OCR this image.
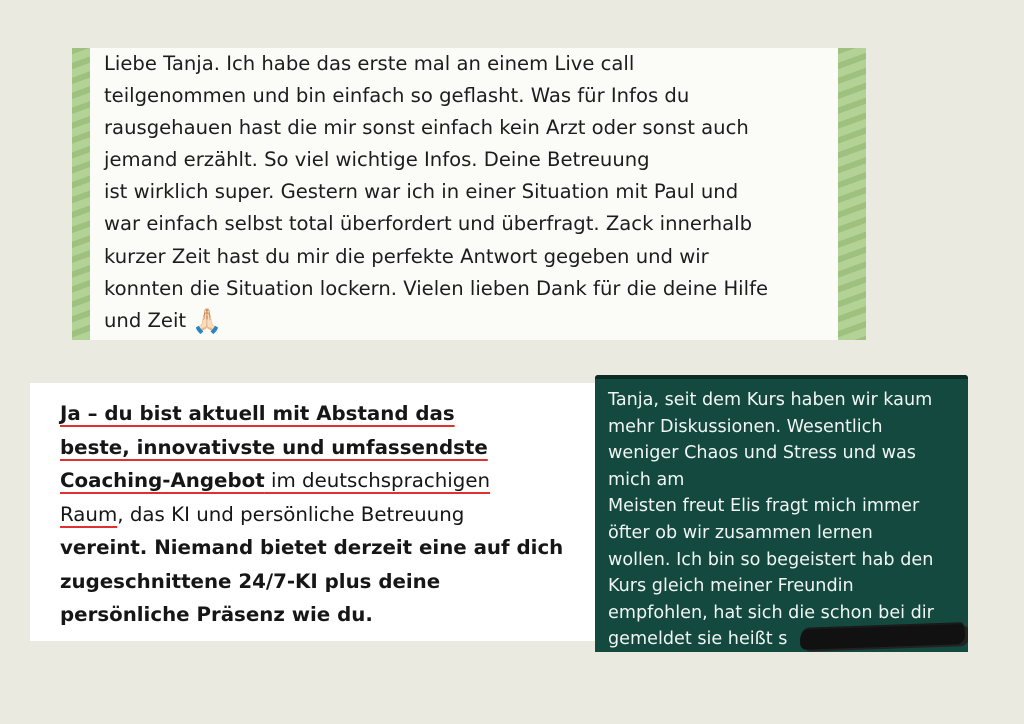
Liebe Tanja. Ich habe das erste mal an einem Live call
teilgenommen und bin einfach so geflasht. Was für Infos du
rausgehauen hast die mir sonst einfach kein Arzt oder sonst auch
jemand erzählt. So viel wichtige Infos. Deine Betreuung
ist wirklich super. Gestern war ich in einer Situation mit Paul und
war einfach selbst total überfordert und überfragt. Zack innerhalb
kurzer Zeit hast du mir die perfekte Antwort gegeben und wir
konnten die Situation lockern. Vielen lieben Dank für die deine Hilfe
und Zeit 🙏🏻
Ja – du bist aktuell mit Abstand das
beste, innovativste und umfassendste
Coaching-Angebot im deutschsprachigen
Raum, das KI und persönliche Betreuung
vereint. Niemand bietet derzeit eine auf dich
zugeschnittene 24/7-KI plus deine
persönliche Präsenz wie du.
Tanja, seit dem Kurs haben wir kaum
mehr Diskussionen. Wesentlich
weniger Chaos und Stress und was
mich am
Meisten freut Elis fragt mich immer
öfter ob wir zusammen lernen
wollen. Ich bin so begeistert hab den
Kurs gleich meiner Freundin
empfohlen, hat sich die schon bei dir
gemeldet sie heißt s
